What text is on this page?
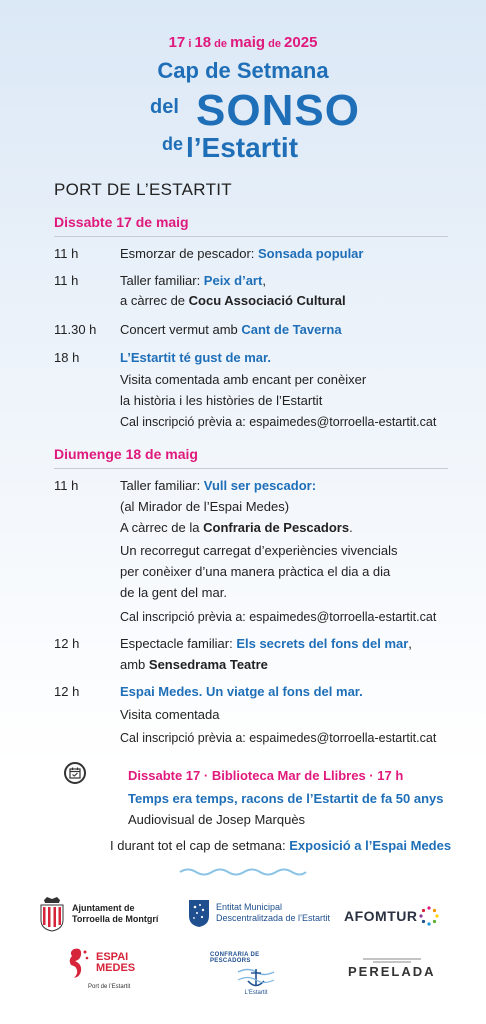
17 i 18 de maig de 2025
Cap de Setmana
del SONSO
de l’Estartit
PORT DE L’ESTARTIT
Dissabte 17 de maig
11 h	Esmorzar de pescador: Sonsada popular
11 h	Taller familiar: Peix d’art,
a càrrec de Cocu Associació Cultural
11.30 h Concert vermut amb Cant de Taverna
18 h	L’Estartit té gust de mar.
Visita comentada amb encant per conèixer
la història i les històries de l’Estartit
Cal inscripció prèvia a: espaimedes@torroella-estartit.cat
Diumenge 18 de maig
11 h	Taller familiar: Vull ser pescador:
(al Mirador de l’Espai Medes)
A càrrec de la Confraria de Pescadors.
Un recorregut carregat d’experiències vivencials
per conèixer d’una manera pràctica el dia a dia
de la gent del mar.
Cal inscripció prèvia a: espaimedes@torroella-estartit.cat
12 h	Espectacle familiar: Els secrets del fons del mar,
amb Sensedrama Teatre
12 h	Espai Medes. Un viatge al fons del mar.
Visita comentada
Cal inscripció prèvia a: espaimedes@torroella-estartit.cat
Dissabte 17 · Biblioteca Mar de Llibres · 17 h
Temps era temps, racons de l’Estartit de fa 50 anys
Audiovisual de Josep Marquès
I durant tot el cap de setmana: Exposició a l’Espai Medes
Ajuntament de
Torroella de Montgrí
Entitat Municipal
Descentralitzada de l’Estartit AFOMTUR
ESPAI
MEDES
Port de l’Estartit
CONFRARIA DE PESCADORS
L’Estartit
PERELADA
